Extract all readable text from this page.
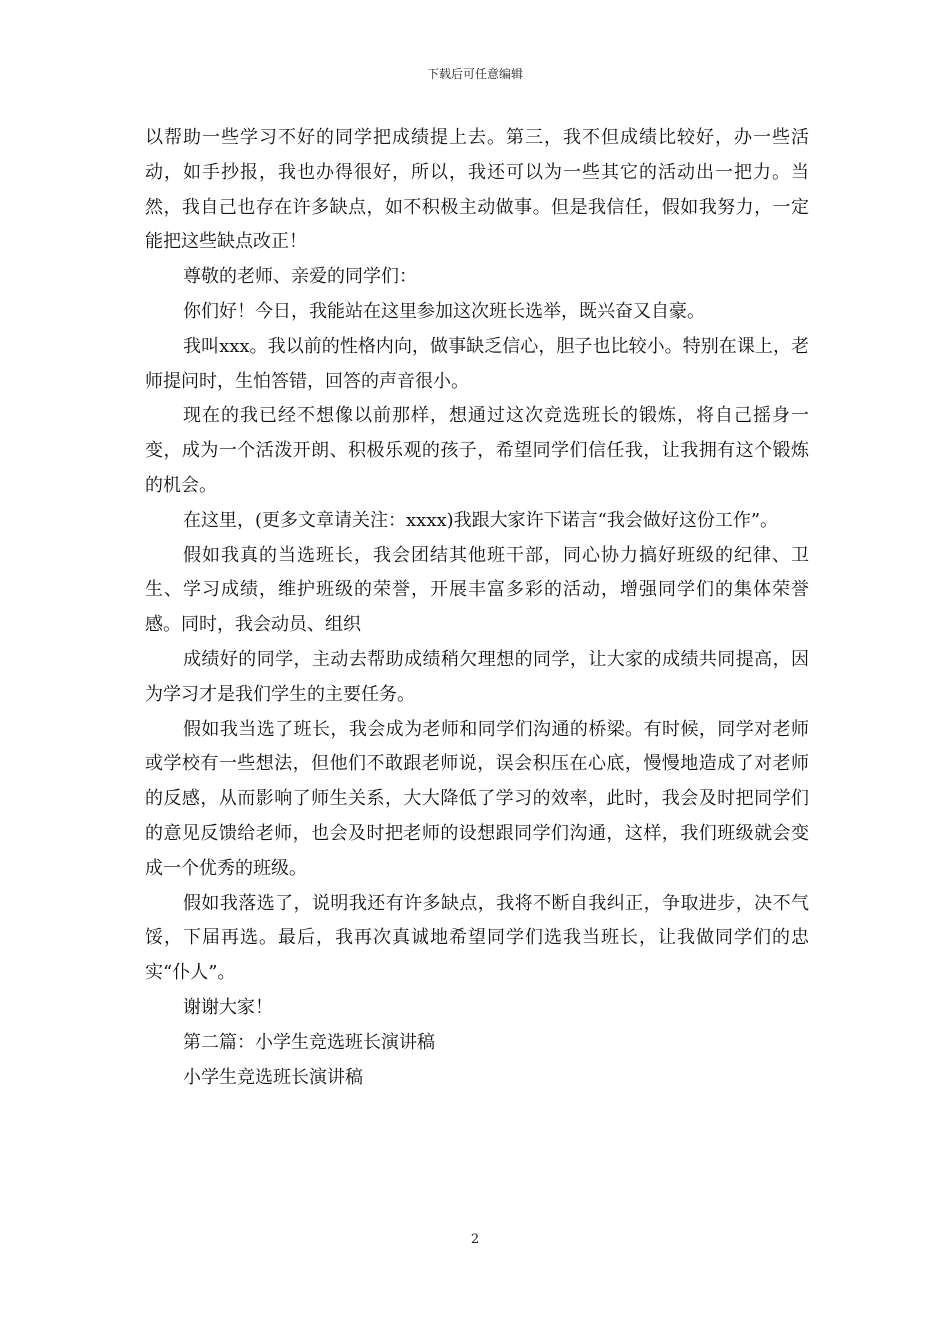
下载后可任意编辑

以帮助一些学习不好的同学把成绩提上去。第三，我不但成绩比较好，办一些活动，如手抄报，我也办得很好，所以，我还可以为一些其它的活动出一把力。当然，我自己也存在许多缺点，如不积极主动做事。但是我信任，假如我努力，一定能把这些缺点改正！

尊敬的老师、亲爱的同学们：

你们好！今日，我能站在这里参加这次班长选举，既兴奋又自豪。

我叫xxx。我以前的性格内向，做事缺乏信心，胆子也比较小。特别在课上，老师提问时，生怕答错，回答的声音很小。

现在的我已经不想像以前那样，想通过这次竞选班长的锻炼，将自己摇身一变，成为一个活泼开朗、积极乐观的孩子，希望同学们信任我，让我拥有这个锻炼的机会。

在这里，(更多文章请关注：xxxx)我跟大家许下诺言“我会做好这份工作”。

假如我真的当选班长，我会团结其他班干部，同心协力搞好班级的纪律、卫生、学习成绩，维护班级的荣誉，开展丰富多彩的活动，增强同学们的集体荣誉感。同时，我会动员、组织

成绩好的同学，主动去帮助成绩稍欠理想的同学，让大家的成绩共同提高，因为学习才是我们学生的主要任务。

假如我当选了班长，我会成为老师和同学们沟通的桥梁。有时候，同学对老师或学校有一些想法，但他们不敢跟老师说，误会积压在心底，慢慢地造成了对老师的反感，从而影响了师生关系，大大降低了学习的效率，此时，我会及时把同学们的意见反馈给老师，也会及时把老师的设想跟同学们沟通，这样，我们班级就会变成一个优秀的班级。

假如我落选了，说明我还有许多缺点，我将不断自我纠正，争取进步，决不气馁，下届再选。最后，我再次真诚地希望同学们选我当班长，让我做同学们的忠实“仆人”。

谢谢大家！

第二篇：小学生竞选班长演讲稿

小学生竞选班长演讲稿

2
